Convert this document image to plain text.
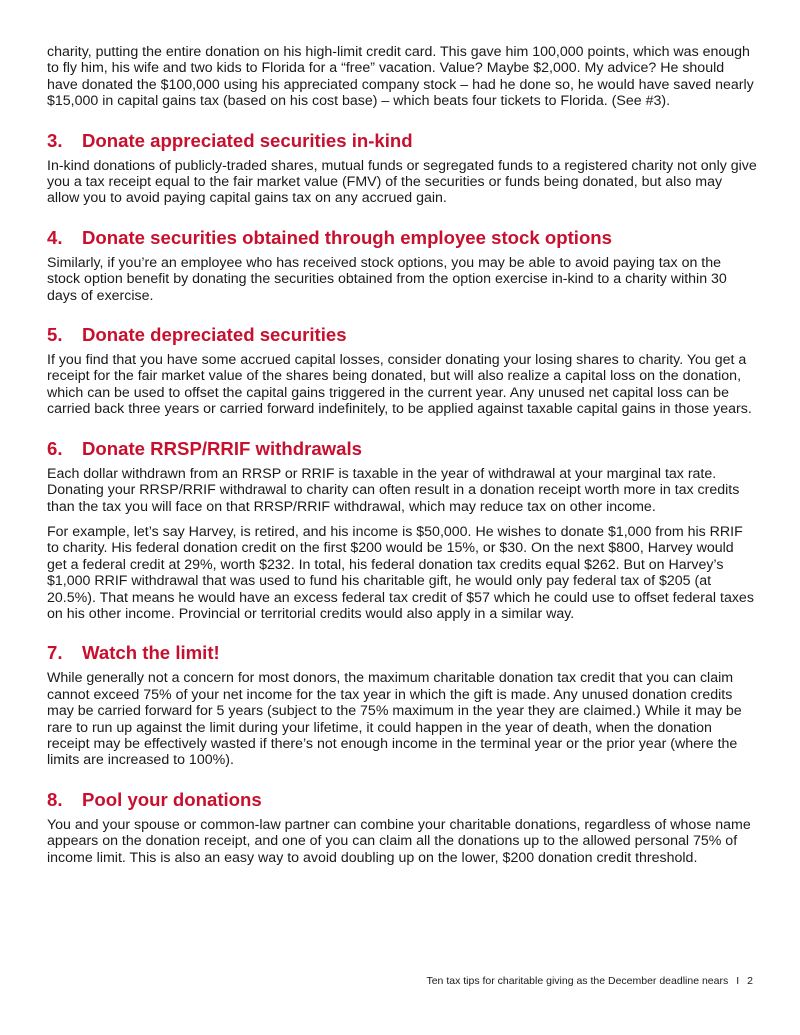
charity, putting the entire donation on his high-limit credit card. This gave him 100,000 points, which was enough to fly him, his wife and two kids to Florida for a “free” vacation. Value? Maybe $2,000. My advice? He should have donated the $100,000 using his appreciated company stock – had he done so, he would have saved nearly $15,000 in capital gains tax (based on his cost base) – which beats four tickets to Florida. (See #3).

3.	Donate appreciated securities in-kind

In-kind donations of publicly-traded shares, mutual funds or segregated funds to a registered charity not only give you a tax receipt equal to the fair market value (FMV) of the securities or funds being donated, but also may allow you to avoid paying capital gains tax on any accrued gain.

4.	Donate securities obtained through employee stock options

Similarly, if you’re an employee who has received stock options, you may be able to avoid paying tax on the stock option benefit by donating the securities obtained from the option exercise in-kind to a charity within 30 days of exercise.

5.	Donate depreciated securities

If you find that you have some accrued capital losses, consider donating your losing shares to charity. You get a receipt for the fair market value of the shares being donated, but will also realize a capital loss on the donation, which can be used to offset the capital gains triggered in the current year. Any unused net capital loss can be carried back three years or carried forward indefinitely, to be applied against taxable capital gains in those years.

6.	Donate RRSP/RRIF withdrawals

Each dollar withdrawn from an RRSP or RRIF is taxable in the year of withdrawal at your marginal tax rate. Donating your RRSP/RRIF withdrawal to charity can often result in a donation receipt worth more in tax credits than the tax you will face on that RRSP/RRIF withdrawal, which may reduce tax on other income.

For example, let’s say Harvey, is retired, and his income is $50,000. He wishes to donate $1,000 from his RRIF to charity. His federal donation credit on the first $200 would be 15%, or $30. On the next $800, Harvey would get a federal credit at 29%, worth $232. In total, his federal donation tax credits equal $262. But on Harvey’s $1,000 RRIF withdrawal that was used to fund his charitable gift, he would only pay federal tax of $205 (at 20.5%). That means he would have an excess federal tax credit of $57 which he could use to offset federal taxes on his other income. Provincial or territorial credits would also apply in a similar way.

7.	Watch the limit!

While generally not a concern for most donors, the maximum charitable donation tax credit that you can claim cannot exceed 75% of your net income for the tax year in which the gift is made. Any unused donation credits may be carried forward for 5 years (subject to the 75% maximum in the year they are claimed.) While it may be rare to run up against the limit during your lifetime, it could happen in the year of death, when the donation receipt may be effectively wasted if there’s not enough income in the terminal year or the prior year (where the limits are increased to 100%).

8.	Pool your donations

You and your spouse or common-law partner can combine your charitable donations, regardless of whose name appears on the donation receipt, and one of you can claim all the donations up to the allowed personal 75% of income limit. This is also an easy way to avoid doubling up on the lower, $200 donation credit threshold.

Ten tax tips for charitable giving as the December deadline nears I 2
